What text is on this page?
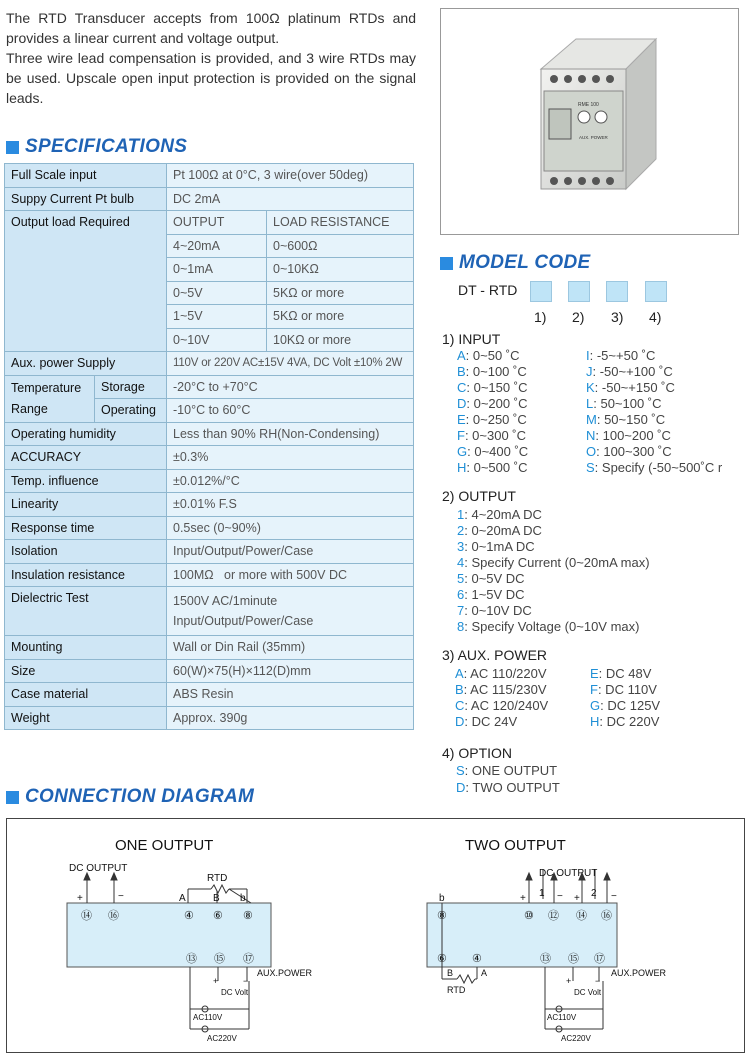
The RTD Transducer accepts from 100Ω platinum RTDs and provides a linear current and voltage output.

Three wire lead compensation is provided, and 3 wire RTDs may be used. Upscale open input protection is provided on the signal leads.

SPECIFICATIONS
Full Scale input		Pt 100Ω at 0°C, 3 wire(over 50deg)	
Suppy Current Pt bulb		DC 2mA	
Output load Required		OUTPUT	LOAD RESISTANCE
		4~20mA	0~600Ω
		0~1mA	0~10KΩ
		0~5V	5KΩ or more
		1~5V	5KΩ or more
		0~10V	10KΩ or more
Aux. power Supply		110V or 220V AC±15V 4VA, DC Volt ±10% 2W	
Temperature
Range	Storage	-20°C to +70°C	
	Operating	-10°C to 60°C	
Operating humidity		Less than 90% RH(Non-Condensing)	
ACCURACY		±0.3%	
Temp. influence		±0.012%/°C	
Linearity		±0.01% F.S	
Response time		0.5sec (0~90%)	
Isolation		Input/Output/Power/Case	
Insulation resistance		100MΩ   or more with 500V DC	
Dielectric Test		1500V AC/1minute
Input/Output/Power/Case	
Mounting		Wall or Din Rail (35mm)	
Size		60(W)×75(H)×112(D)mm	
Case material		ABS Resin	
Weight		Approx. 390g	
RME 100
AUX. POWER
MODEL CODE
DT - RTD
1) 2) 3) 4)
1) INPUT
A: 0~50 ˚C
B: 0~100 ˚C
C: 0~150 ˚C
D: 0~200 ˚C
E: 0~250 ˚C
F: 0~300 ˚C
G: 0~400 ˚C
H: 0~500 ˚C
I: -5~+50 ˚C
J: -50~+100 ˚C
K: -50~+150 ˚C
L: 50~100 ˚C
M: 50~150 ˚C
N: 100~200 ˚C
O: 100~300 ˚C
S: Specify (-50~500˚C r
2) OUTPUT
1: 4~20mA DC
2: 0~20mA DC
3: 0~1mA DC
4: Specify Current (0~20mA max)
5: 0~5V DC
6: 1~5V DC
7: 0~10V DC
8: Specify Voltage (0~10V max)
3) AUX. POWER
A: AC 110/220V
B: AC 115/230V
C: AC 120/240V
D: DC 24V
E: DC 48V
F: DC 110V
G: DC 125V
H: DC 220V
4) OPTION
S: ONE OUTPUT
D: TWO OUTPUT
CONNECTION DIAGRAM
ONE OUTPUT
DC OUTPUT
RTD
+	−	A	B b
⑭ ⑯	④ ⑥ ⑧
⑬ ⑮ ⑰
AUX.POWER
+	−
DC Volt
AC110V
AC220V
TWO OUTPUT
DC OUTPUT
1	2
+	− +	−
b
⑧
⑥ ④
⑩ ⑫ ⑭ ⑯
⑬ ⑮ ⑰
B	A
RTD
AUX.POWER
+	−
DC Volt
AC110V
AC220V
